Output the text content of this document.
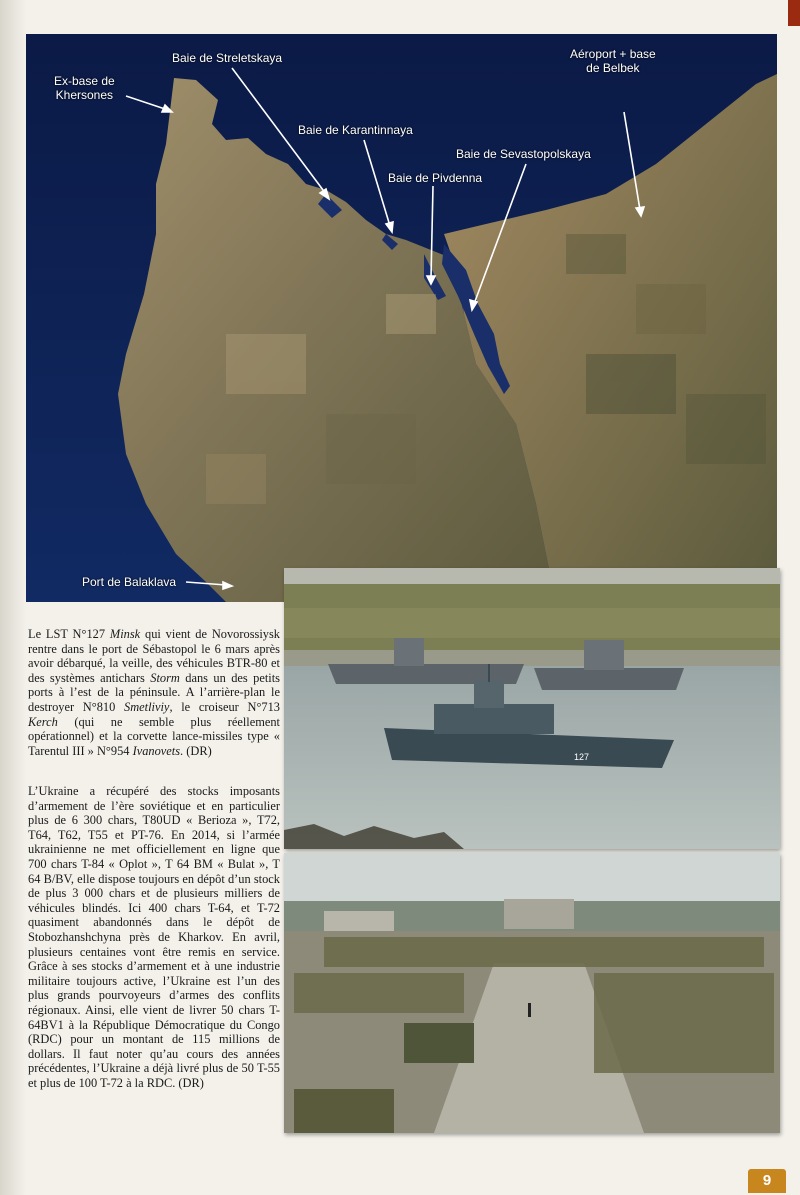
Ex-base de
Khersones
Baie de Streletskaya
Baie de Karantinnaya
Baie de Pivdenna
Baie de Sevastopolskaya
Aéroport + base
de Belbek
Port de Balaklava
127

Le LST N°127 Minsk qui vient de Novorossiysk rentre dans le port de Sébastopol le 6 mars après avoir débarqué, la veille, des véhicules BTR-80 et des systèmes antichars Storm dans un des petits ports à l’est de la péninsule. A l’arrière-plan le destroyer N°810 Smetliviy, le croiseur N°713 Kerch (qui ne semble plus réellement opérationnel) et la corvette lance-missiles type « Tarentul III » N°954 Ivanovets. (DR)

L’Ukraine a récupéré des stocks imposants d’armement de l’ère soviétique et en particulier plus de 6 300 chars, T80UD « Berioza », T72, T64, T62, T55 et PT-76. En 2014, si l’armée ukrainienne ne met officiellement en ligne que 700 chars T-84 « Oplot », T 64 BM « Bulat », T 64 B/BV, elle dispose toujours en dépôt d’un stock de plus 3 000 chars et de plusieurs milliers de véhicules blindés. Ici 400 chars T-64, et T-72 quasiment abandonnés dans le dépôt de Stobozhanshchyna près de Kharkov. En avril, plusieurs centaines vont être remis en service. Grâce à ses stocks d’armement et à une industrie militaire toujours active, l’Ukraine est l’un des plus grands pourvoyeurs d’armes des conflits régionaux. Ainsi, elle vient de livrer 50 chars T-64BV1 à la République Démocratique du Congo (RDC) pour un montant de 115 millions de dollars. Il faut noter qu’au cours des années précédentes, l’Ukraine a déjà livré plus de 50 T-55 et plus de 100 T-72 à la RDC. (DR)

9
